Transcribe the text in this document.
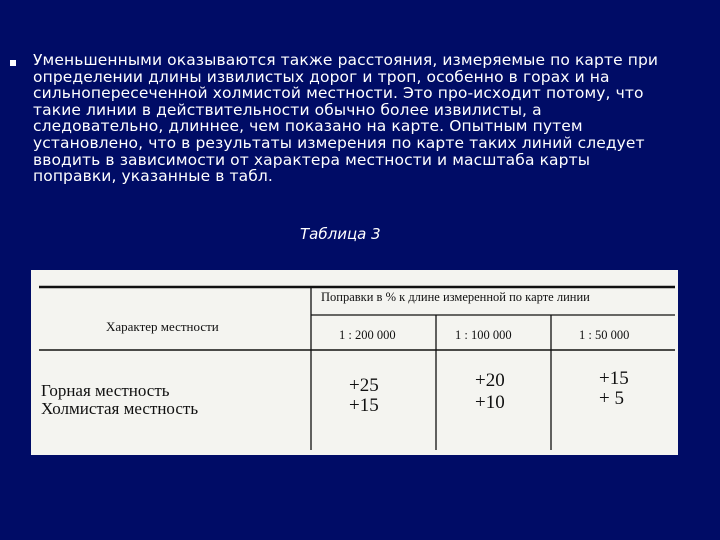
Уменьшенными оказываются также расстояния, измеряемые по карте при определении длины извилистых дорог и троп, особенно в горах и на сильнопересеченной холмистой местности. Это про-исходит потому, что такие линии в действительности обычно более извилисты, а следовательно, длиннее, чем показано на карте. Опытным путем установлено, что в результаты измерения по карте таких линий следует вводить в зависимости от характера местности и масштаба карты поправки, указанные в табл.
Таблица 3
Характер местности
Поправки в % к длине измеренной по карте линии
1 : 200 000	1 : 100 000	1 : 50 000
Горная местность
Холмистая местность
+25
+15
+20
+10
+15
+ 5
